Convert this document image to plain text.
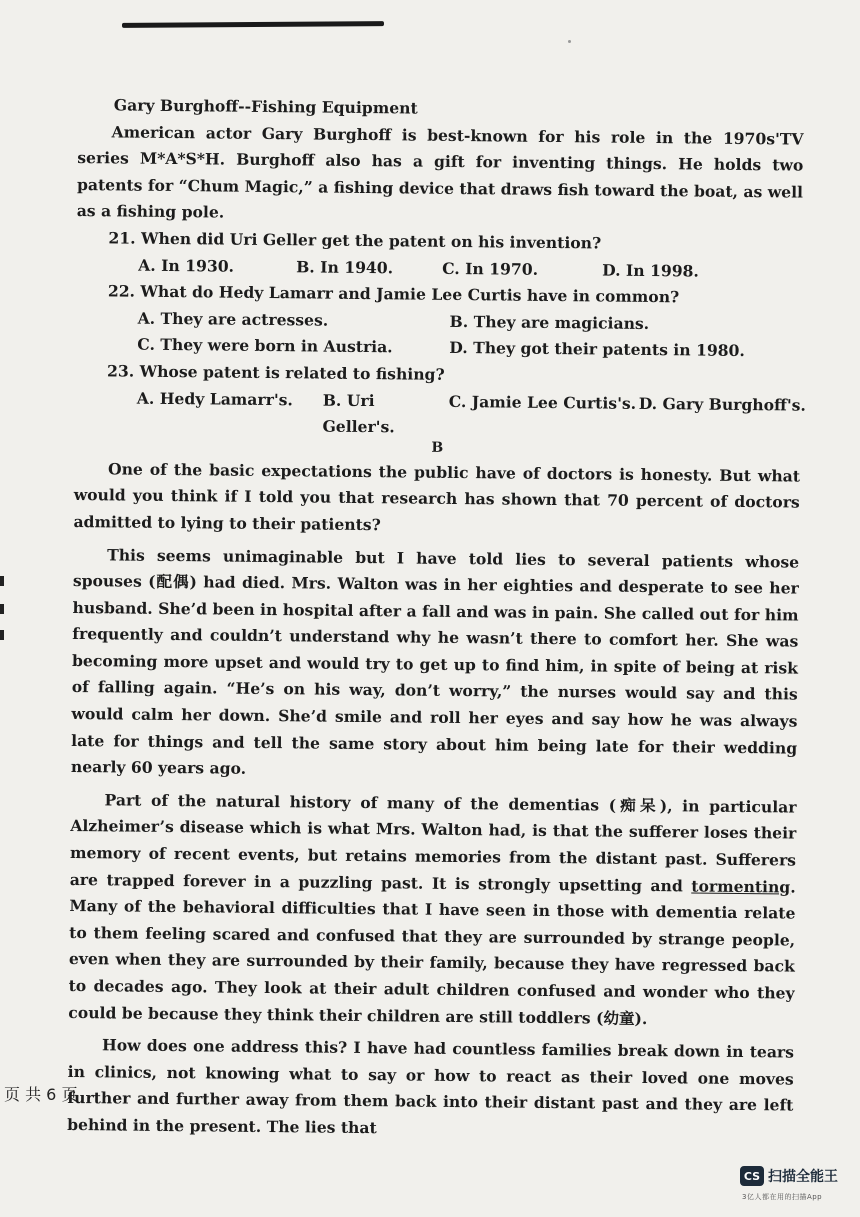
Gary Burghoff--Fishing Equipment

American actor Gary Burghoff is best-known for his role in the 1970s'TV series M*A*S*H. Burghoff also has a gift for inventing things. He holds two patents for “Chum Magic,” a fishing device that draws fish toward the boat, as well as a fishing pole.

21. When did Uri Geller get the patent on his invention?
A. In 1930.	B. In 1940.	C. In 1970.	D. In 1998.
22. What do Hedy Lamarr and Jamie Lee Curtis have in common?
A. They are actresses.	B. They are magicians.
C. They were born in Austria.	D. They got their patents in 1980.
23. Whose patent is related to fishing?
A. Hedy Lamarr's.	B. Uri Geller's.
C. Jamie Lee Curtis's. D. Gary Burghoff's.
B

One of the basic expectations the public have of doctors is honesty. But what would you think if I told you that research has shown that 70 percent of doctors admitted to lying to their patients?

This seems unimaginable but I have told lies to several patients whose spouses (配偶) had died. Mrs. Walton was in her eighties and desperate to see her husband. She’d been in hospital after a fall and was in pain. She called out for him frequently and couldn’t understand why he wasn’t there to comfort her. She was becoming more upset and would try to get up to find him, in spite of being at risk of falling again. “He’s on his way, don’t worry,” the nurses would say and this would calm her down. She’d smile and roll her eyes and say how he was always late for things and tell the same story about him being late for their wedding nearly 60 years ago.

Part of the natural history of many of the dementias (痴呆), in particular Alzheimer’s disease which is what Mrs. Walton had, is that the sufferer loses their memory of recent events, but retains memories from the distant past. Sufferers are trapped forever in a puzzling past. It is strongly upsetting and tormenting. Many of the behavioral difficulties that I have seen in those with dementia relate to them feeling scared and confused that they are surrounded by strange people, even when they are surrounded by their family, because they have regressed back to decades ago. They look at their adult children confused and wonder who they could be because they think their children are still toddlers (幼童).

How does one address this? I have had countless families break down in tears in clinics, not knowing what to say or how to react as their loved one moves further and further away from them back into their distant past and they are left behind in the present. The lies that

页 共 6 页
CS 扫描全能王
3亿人都在用的扫描App
